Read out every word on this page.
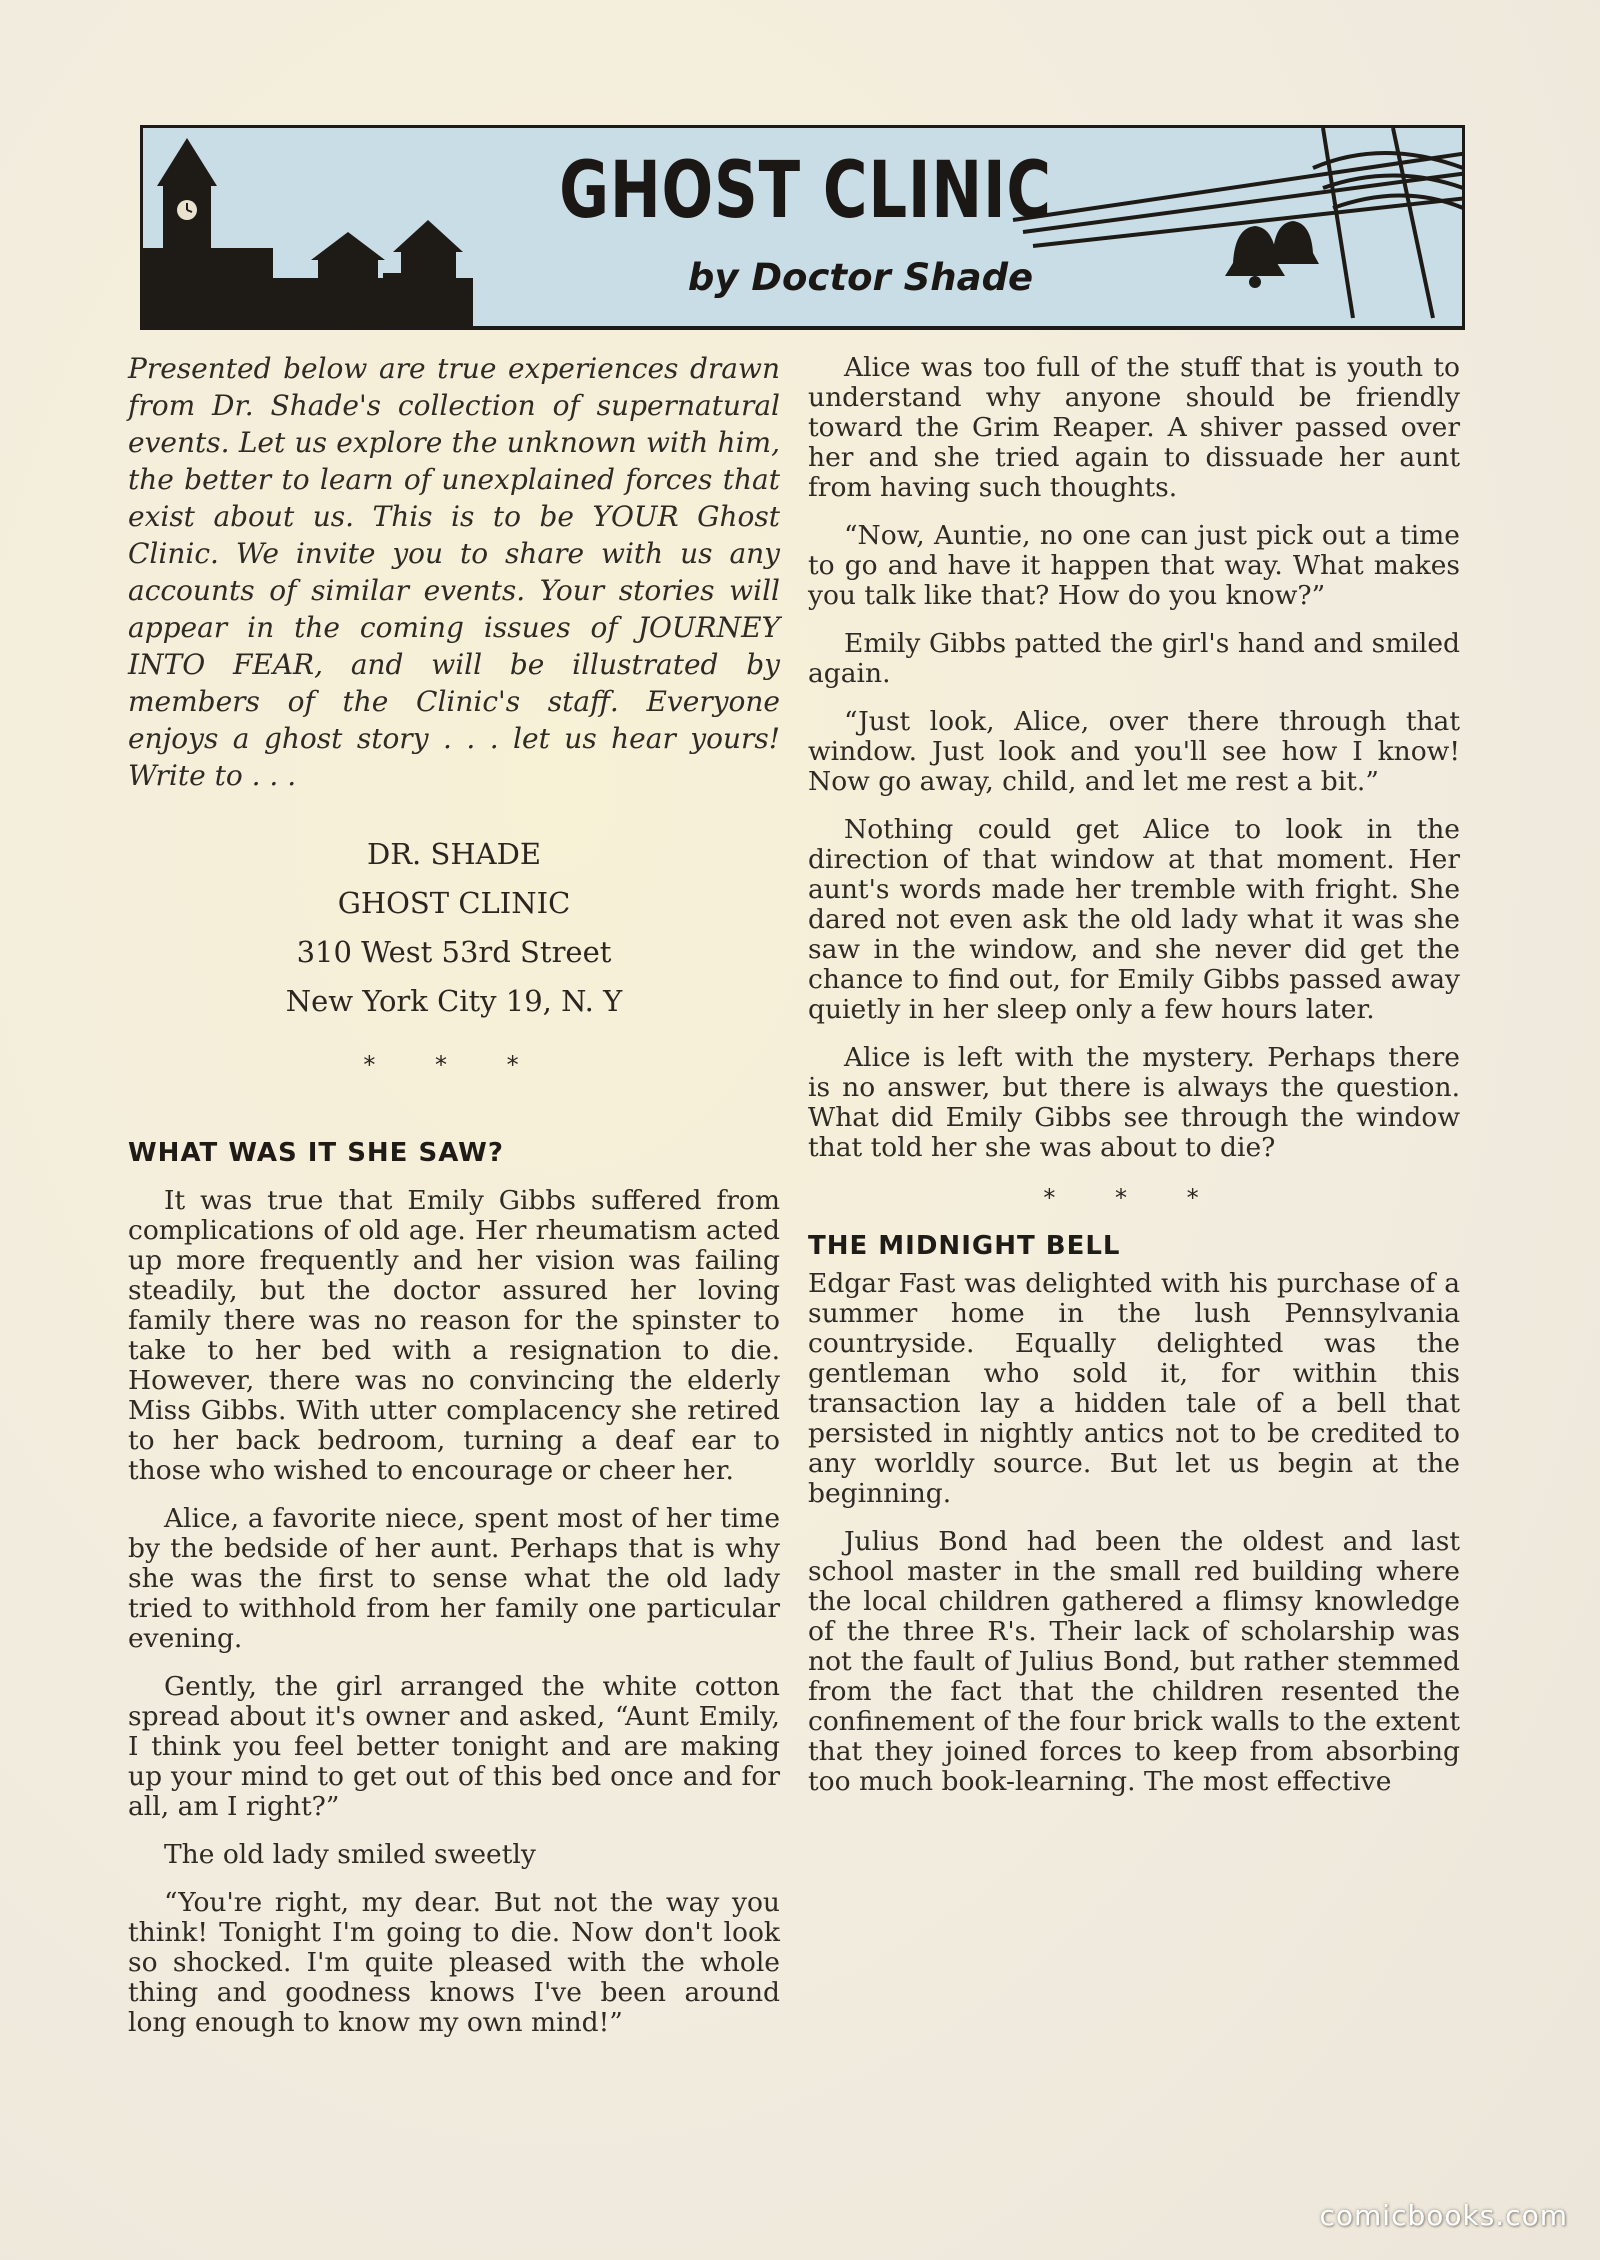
GHOST CLINIC
by Doctor Shade

Presented below are true experiences drawn from Dr. Shade's collection of supernatural events. Let us explore the unknown with him, the better to learn of unexplained forces that exist about us. This is to be YOUR Ghost Clinic. We invite you to share with us any accounts of similar events. Your stories will appear in the coming issues of JOURNEY INTO FEAR, and will be illustrated by members of the Clinic's staff. Everyone enjoys a ghost story . . . let us hear yours! Write to . . .

DR. SHADE
GHOST CLINIC
310 West 53rd Street
New York City 19, N. Y
* * *
WHAT WAS IT SHE SAW?

It was true that Emily Gibbs suffered from complications of old age. Her rheumatism acted up more frequently and her vision was failing steadily, but the doctor assured her loving family there was no reason for the spinster to take to her bed with a resignation to die. However, there was no convincing the elderly Miss Gibbs. With utter complacency she retired to her back bedroom, turning a deaf ear to those who wished to encourage or cheer her.

Alice, a favorite niece, spent most of her time by the bedside of her aunt. Perhaps that is why she was the first to sense what the old lady tried to withhold from her family one particular evening.

Gently, the girl arranged the white cotton spread about it's owner and asked, “Aunt Emily, I think you feel better tonight and are making up your mind to get out of this bed once and for all, am I right?”

The old lady smiled sweetly

“You're right, my dear. But not the way you think! Tonight I'm going to die. Now don't look so shocked. I'm quite pleased with the whole thing and goodness knows I've been around long enough to know my own mind!”

Alice was too full of the stuff that is youth to understand why anyone should be friendly toward the Grim Reaper. A shiver passed over her and she tried again to dissuade her aunt from having such thoughts.

“Now, Auntie, no one can just pick out a time to go and have it happen that way. What makes you talk like that? How do you know?”

Emily Gibbs patted the girl's hand and smiled again.

“Just look, Alice, over there through that window. Just look and you'll see how I know! Now go away, child, and let me rest a bit.”

Nothing could get Alice to look in the direction of that window at that moment. Her aunt's words made her tremble with fright. She dared not even ask the old lady what it was she saw in the window, and she never did get the chance to find out, for Emily Gibbs passed away quietly in her sleep only a few hours later.

Alice is left with the mystery. Perhaps there is no answer, but there is always the question. What did Emily Gibbs see through the window that told her she was about to die?

* * *
THE MIDNIGHT BELL

Edgar Fast was delighted with his purchase of a summer home in the lush Pennsylvania countryside. Equally delighted was the gentleman who sold it, for within this transaction lay a hidden tale of a bell that persisted in nightly antics not to be credited to any worldly source. But let us begin at the beginning.

Julius Bond had been the oldest and last school master in the small red building where the local children gathered a flimsy knowledge of the three R's. Their lack of scholarship was not the fault of Julius Bond, but rather stemmed from the fact that the children resented the confinement of the four brick walls to the extent that they joined forces to keep from absorbing too much book-learning. The most effective

comicbooks.com
